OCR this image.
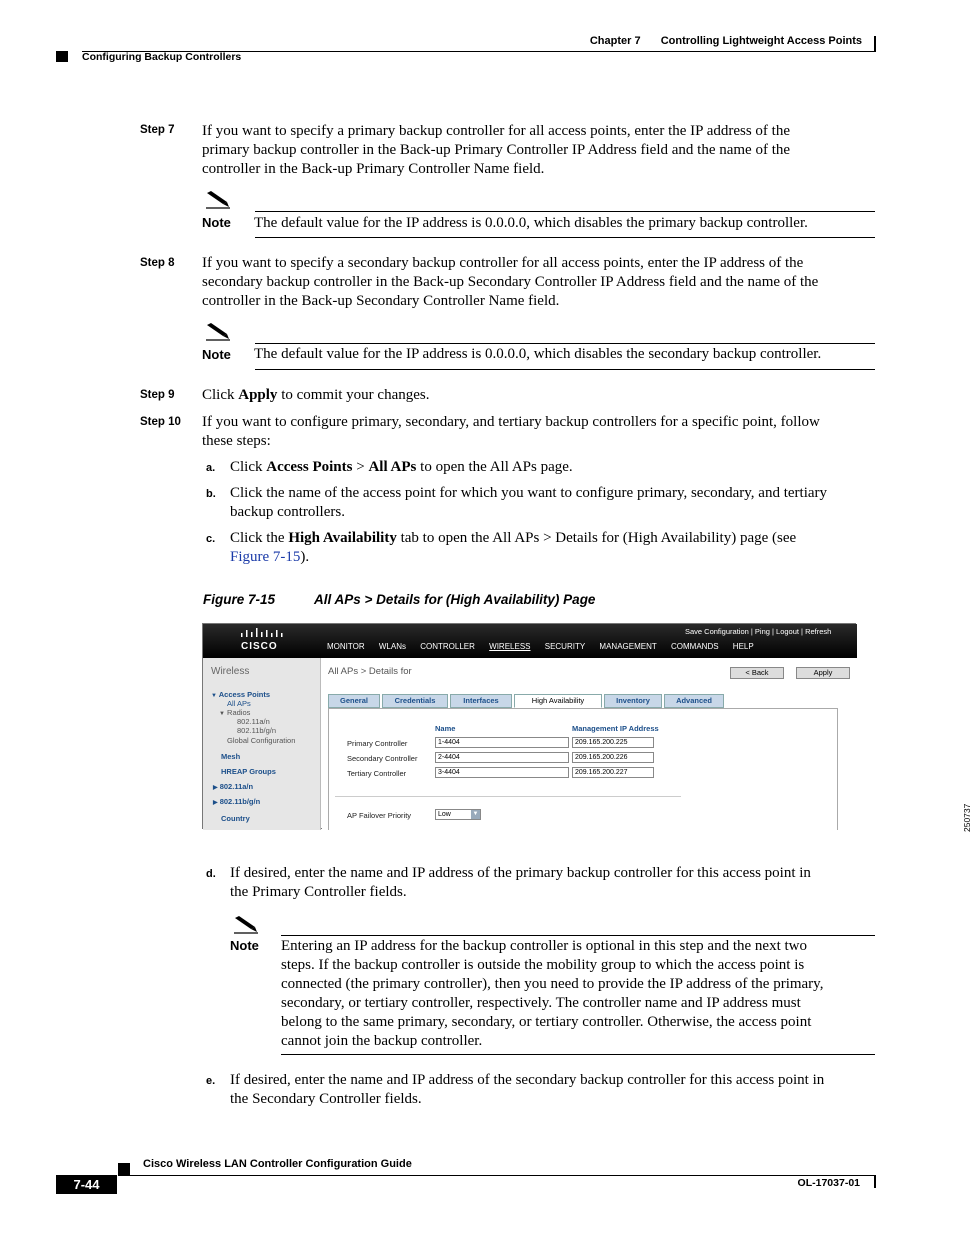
Chapter 7 Controlling Lightweight Access Points
Configuring Backup Controllers
Step 7 If you want to specify a primary backup controller for all access points, enter the IP address of the
primary backup controller in the Back-up Primary Controller IP Address field and the name of the
controller in the Back-up Primary Controller Name field.
Note The default value for the IP address is 0.0.0.0, which disables the primary backup controller.
Step 8 If you want to specify a secondary backup controller for all access points, enter the IP address of the
secondary backup controller in the Back-up Secondary Controller IP Address field and the name of the
controller in the Back-up Secondary Controller Name field.
Note The default value for the IP address is 0.0.0.0, which disables the secondary backup controller.
Step 9 Click Apply to commit your changes.
Step 10 If you want to configure primary, secondary, and tertiary backup controllers for a specific point, follow
these steps:
a. Click Access Points > All APs to open the All APs page.
b. Click the name of the access point for which you want to configure primary, secondary, and tertiary
backup controllers.
c. Click the High Availability tab to open the All APs > Details for (High Availability) page (see
Figure 7-15).
Figure 7-15	All APs > Details for (High Availability) Page
CISCO
Save Configuration | Ping | Logout | Refresh
MONITOR WLANs CONTROLLER WIRELESS SECURITY MANAGEMENT COMMANDS HELP
Wireless
▼ Access Points
All APs
▼ Radios
802.11a/n
802.11b/g/n
Global Configuration
Mesh
HREAP Groups
▶ 802.11a/n
▶ 802.11b/g/n
Country
All APs > Details for	< Back	Apply
General	Credentials	Interfaces	High Availability	Inventory	Advanced
Name	Management IP Address
Primary Controller	1-4404	209.165.200.225
Secondary Controller	2-4404	209.165.200.226
Tertiary Controller	3-4404	209.165.200.227
AP Failover Priority	Low	▼	250737
d. If desired, enter the name and IP address of the primary backup controller for this access point in
the Primary Controller fields.
Note Entering an IP address for the backup controller is optional in this step and the next two
steps. If the backup controller is outside the mobility group to which the access point is
connected (the primary controller), then you need to provide the IP address of the primary,
secondary, or tertiary controller, respectively. The controller name and IP address must
belong to the same primary, secondary, or tertiary controller. Otherwise, the access point
cannot join the backup controller.
e. If desired, enter the name and IP address of the secondary backup controller for this access point in
the Secondary Controller fields.
Cisco Wireless LAN Controller Configuration Guide
7-44	OL-17037-01
